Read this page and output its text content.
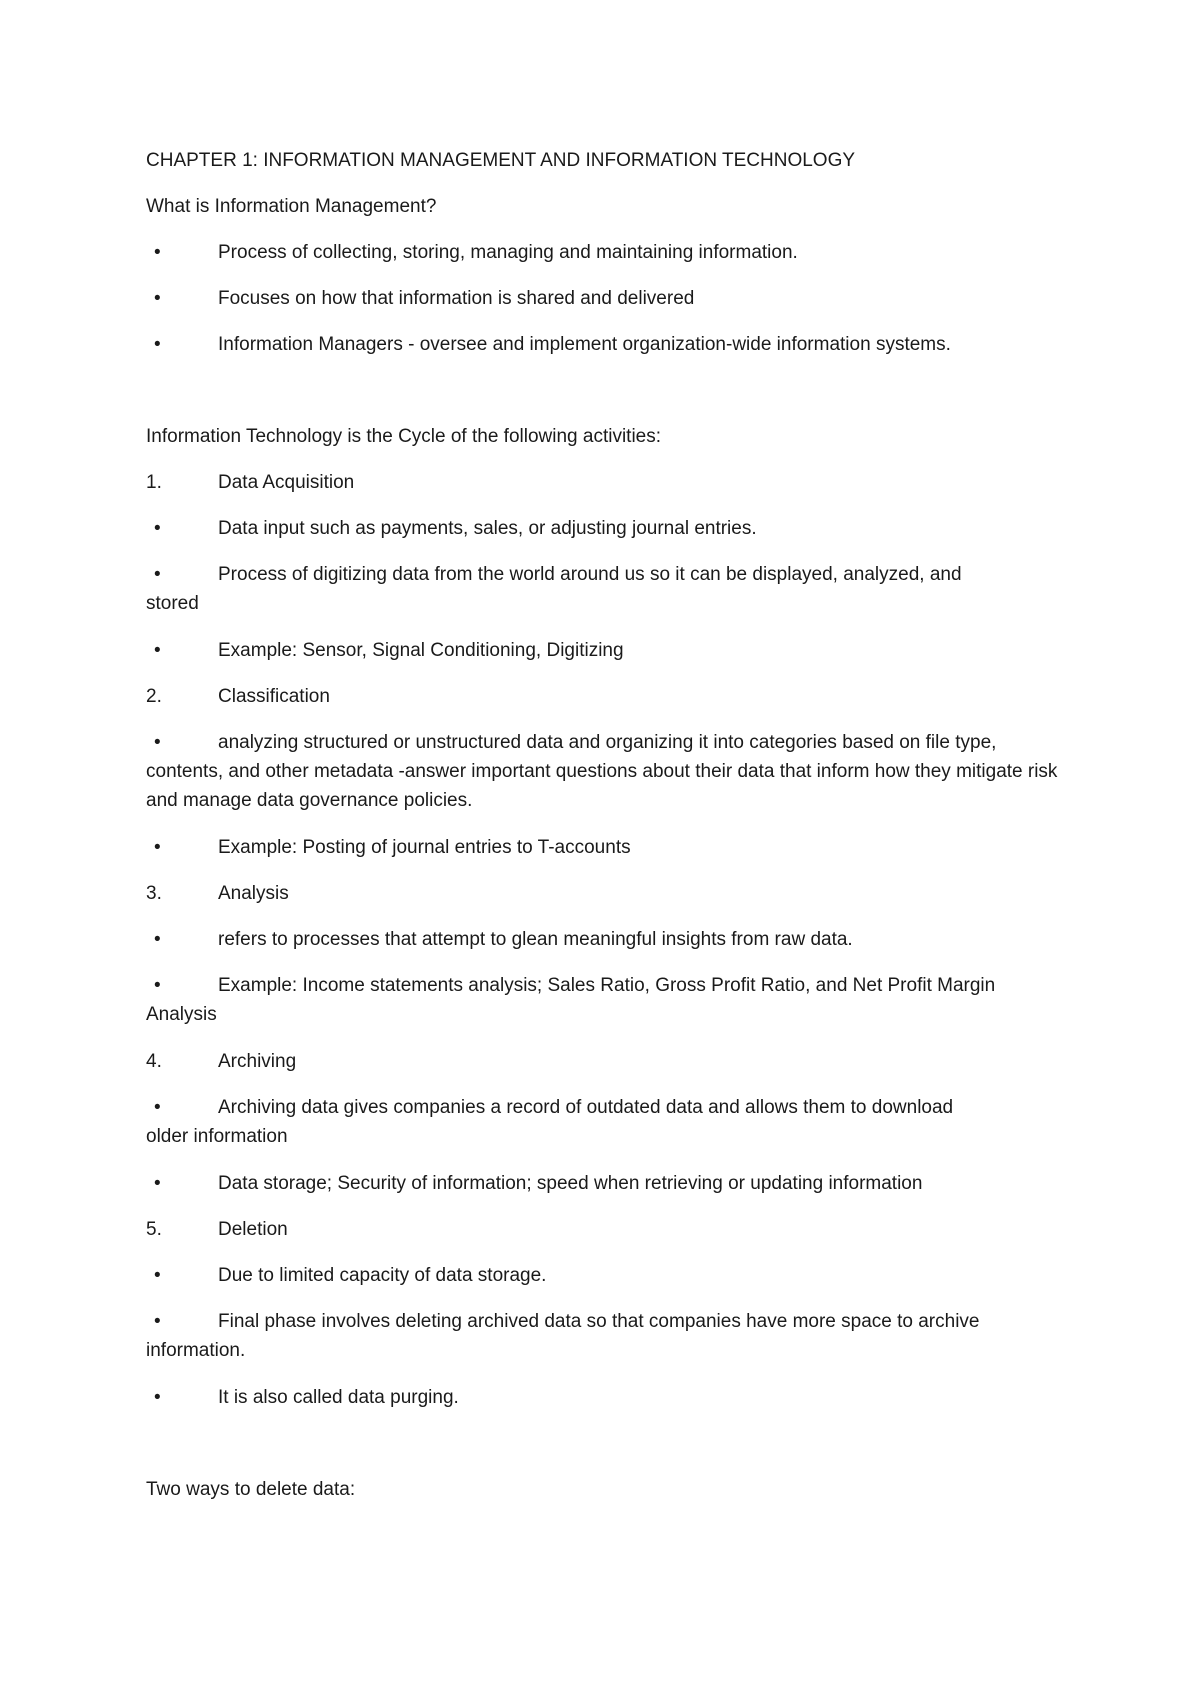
CHAPTER 1: INFORMATION MANAGEMENT AND INFORMATION TECHNOLOGY
What is Information Management?
•	Process of collecting, storing, managing and maintaining information.
•	Focuses on how that information is shared and delivered
•	Information Managers - oversee and implement organization-wide information systems.
Information Technology is the Cycle of the following activities:
1.	Data Acquisition
•	Data input such as payments, sales, or adjusting journal entries.
•	Process of digitizing data from the world around us so it can be displayed, analyzed, and
stored
•	Example: Sensor, Signal Conditioning, Digitizing
2.	Classification
•	analyzing structured or unstructured data and organizing it into categories based on file type,
contents, and other metadata -answer important questions about their data that inform how they mitigate risk and manage data governance policies.
•	Example: Posting of journal entries to T-accounts
3.	Analysis
•	refers to processes that attempt to glean meaningful insights from raw data.
•	Example: Income statements analysis; Sales Ratio, Gross Profit Ratio, and Net Profit Margin
Analysis
4.	Archiving
•	Archiving data gives companies a record of outdated data and allows them to download
older information
•	Data storage; Security of information; speed when retrieving or updating information
5.	Deletion
•	Due to limited capacity of data storage.
•	Final phase involves deleting archived data so that companies have more space to archive
information.
•	It is also called data purging.
Two ways to delete data:
